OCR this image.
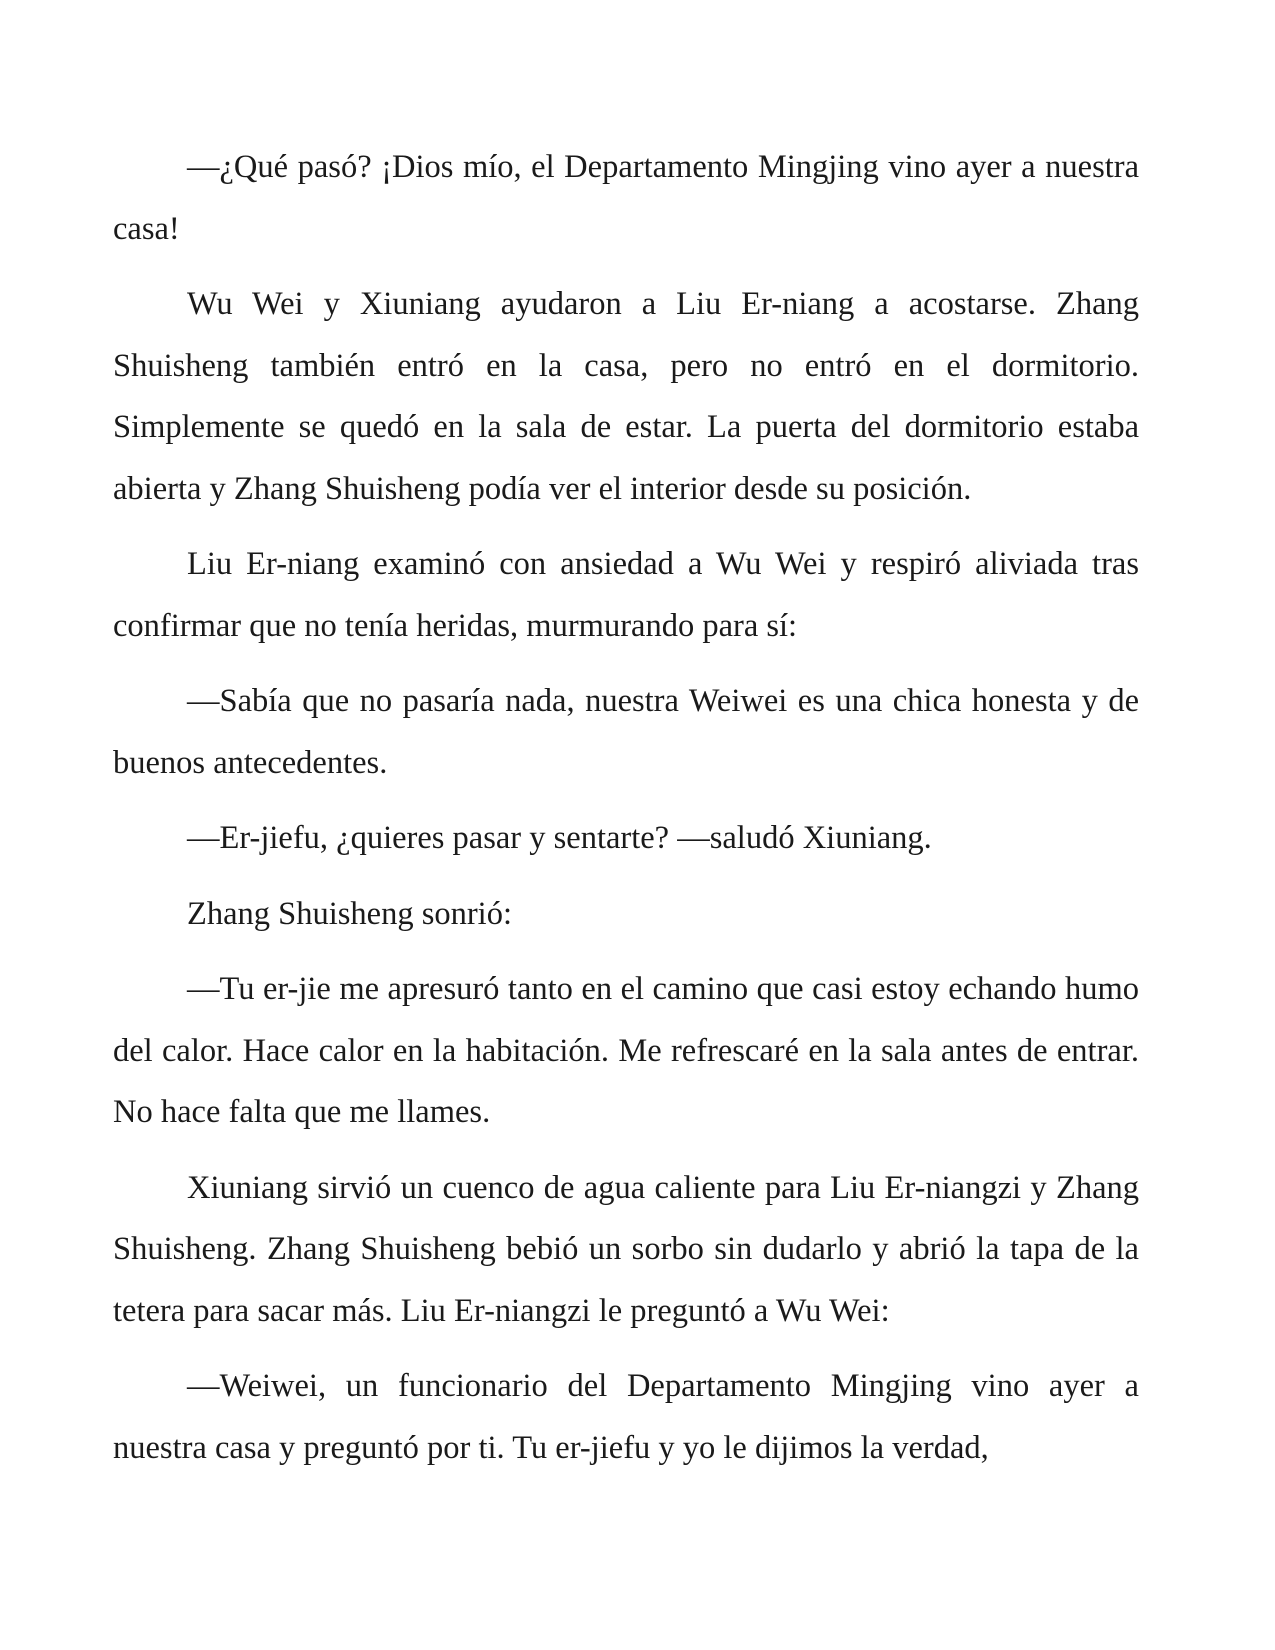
—¿Qué pasó? ¡Dios mío, el Departamento Mingjing vino ayer a nuestra casa!

Wu Wei y Xiuniang ayudaron a Liu Er-niang a acostarse. Zhang Shuisheng también entró en la casa, pero no entró en el dormitorio. Simplemente se quedó en la sala de estar. La puerta del dormitorio estaba abierta y Zhang Shuisheng podía ver el interior desde su posición.

Liu Er-niang examinó con ansiedad a Wu Wei y respiró aliviada tras confirmar que no tenía heridas, murmurando para sí:

—Sabía que no pasaría nada, nuestra Weiwei es una chica honesta y de buenos antecedentes.

—Er-jiefu, ¿quieres pasar y sentarte? —saludó Xiuniang.

Zhang Shuisheng sonrió:

—Tu er-jie me apresuró tanto en el camino que casi estoy echando humo del calor. Hace calor en la habitación. Me refrescaré en la sala antes de entrar. No hace falta que me llames.

Xiuniang sirvió un cuenco de agua caliente para Liu Er-niangzi y Zhang Shuisheng. Zhang Shuisheng bebió un sorbo sin dudarlo y abrió la tapa de la tetera para sacar más. Liu Er-niangzi le preguntó a Wu Wei:

—Weiwei, un funcionario del Departamento Mingjing vino ayer a nuestra casa y preguntó por ti. Tu er-jiefu y yo le dijimos la verdad,
